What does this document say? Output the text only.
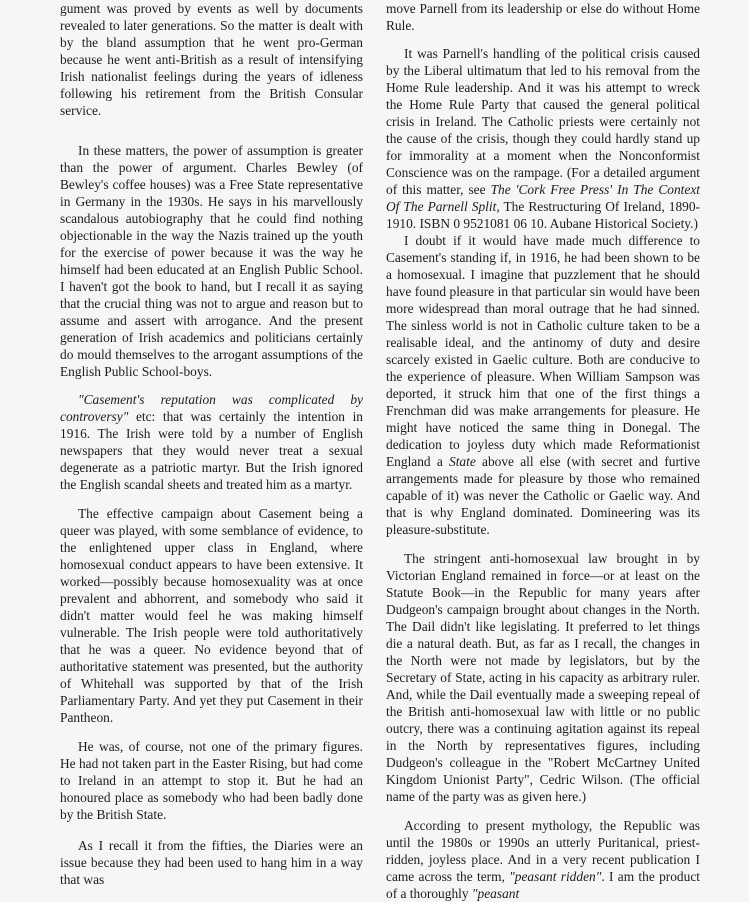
gument was proved by events as well by documents revealed to later generations. So the matter is dealt with by the bland assumption that he went pro-German because he went anti-British as a result of intensifying Irish nationalist feelings during the years of idleness following his retirement from the British Consular service.

In these matters, the power of assumption is greater than the power of argument. Charles Bewley (of Bewley's coffee houses) was a Free State representative in Germany in the 1930s. He says in his marvellously scandalous autobiography that he could find nothing objectionable in the way the Nazis trained up the youth for the exercise of power because it was the way he himself had been educated at an English Public School. I haven't got the book to hand, but I recall it as saying that the crucial thing was not to argue and reason but to assume and assert with arrogance. And the present generation of Irish academics and politicians certainly do mould themselves to the arrogant assumptions of the English Public School-boys.

"Casement's reputation was complicated by controversy" etc: that was certainly the intention in 1916. The Irish were told by a number of English newspapers that they would never treat a sexual degenerate as a patriotic martyr. But the Irish ignored the English scandal sheets and treated him as a martyr.

The effective campaign about Casement being a queer was played, with some semblance of evidence, to the enlightened upper class in England, where homosexual conduct appears to have been extensive. It worked—possibly because homosexuality was at once prevalent and abhorrent, and somebody who said it didn't matter would feel he was making himself vulnerable. The Irish people were told authoritatively that he was a queer. No evidence beyond that of authoritative statement was presented, but the authority of Whitehall was supported by that of the Irish Parliamentary Party. And yet they put Casement in their Pantheon.

He was, of course, not one of the primary figures. He had not taken part in the Easter Rising, but had come to Ireland in an attempt to stop it. But he had an honoured place as somebody who had been badly done by the British State.

As I recall it from the fifties, the Diaries were an issue because they had been used to hang him in a way that was

move Parnell from its leadership or else do without Home Rule.

It was Parnell's handling of the political crisis caused by the Liberal ultimatum that led to his removal from the Home Rule leadership. And it was his attempt to wreck the Home Rule Party that caused the general political crisis in Ireland. The Catholic priests were certainly not the cause of the crisis, though they could hardly stand up for immorality at a moment when the Nonconformist Conscience was on the rampage. (For a detailed argument of this matter, see The 'Cork Free Press' In The Context Of The Parnell Split, The Restructuring Of Ireland, 1890-1910. ISBN 0 9521081 06 10. Aubane Historical Society.)

I doubt if it would have made much difference to Casement's standing if, in 1916, he had been shown to be a homosexual. I imagine that puzzlement that he should have found pleasure in that particular sin would have been more widespread than moral outrage that he had sinned. The sinless world is not in Catholic culture taken to be a realisable ideal, and the antinomy of duty and desire scarcely existed in Gaelic culture. Both are conducive to the experience of pleasure. When William Sampson was deported, it struck him that one of the first things a Frenchman did was make arrangements for pleasure. He might have noticed the same thing in Donegal. The dedication to joyless duty which made Reformationist England a State above all else (with secret and furtive arrangements made for pleasure by those who remained capable of it) was never the Catholic or Gaelic way. And that is why England dominated. Domineering was its pleasure-substitute.

The stringent anti-homosexual law brought in by Victorian England remained in force—or at least on the Statute Book—in the Republic for many years after Dudgeon's campaign brought about changes in the North. The Dail didn't like legislating. It preferred to let things die a natural death. But, as far as I recall, the changes in the North were not made by legislators, but by the Secretary of State, acting in his capacity as arbitrary ruler. And, while the Dail eventually made a sweeping repeal of the British anti-homosexual law with little or no public outcry, there was a continuing agitation against its repeal in the North by representatives figures, including Dudgeon's colleague in the "Robert McCartney United Kingdom Unionist Party", Cedric Wilson. (The official name of the party was as given here.)

According to present mythology, the Republic was until the 1980s or 1990s an utterly Puritanical, priest-ridden, joyless place. And in a very recent publication I came across the term, "peasant ridden". I am the product of a thoroughly "peasant
